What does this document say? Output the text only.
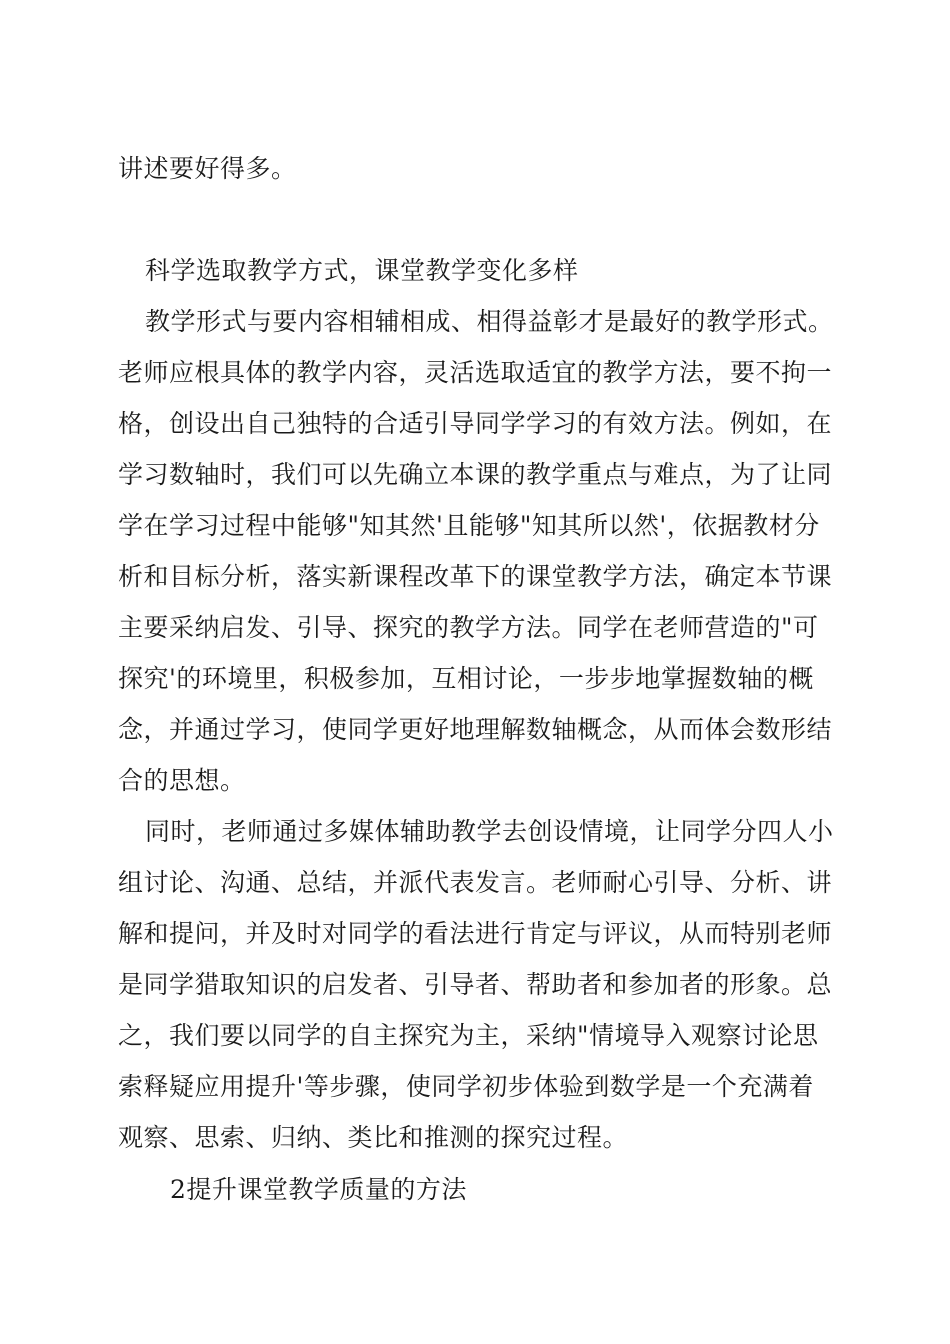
讲述要好得多。
科学选取教学方式，课堂教学变化多样
教学形式与要内容相辅相成、相得益彰才是最好的教学形式。
老师应根具体的教学内容，灵活选取适宜的教学方法，要不拘一
格，创设出自己独特的合适引导同学学习的有效方法。例如，在
学习数轴时，我们可以先确立本课的教学重点与难点，为了让同
学在学习过程中能够"知其然'且能够"知其所以然'，依据教材分
析和目标分析，落实新课程改革下的课堂教学方法，确定本节课
主要采纳启发、引导、探究的教学方法。同学在老师营造的"可
探究'的环境里，积极参加，互相讨论，一步步地掌握数轴的概
念，并通过学习，使同学更好地理解数轴概念，从而体会数形结
合的思想。
同时，老师通过多媒体辅助教学去创设情境，让同学分四人小
组讨论、沟通、总结，并派代表发言。老师耐心引导、分析、讲
解和提问，并及时对同学的看法进行肯定与评议，从而特别老师
是同学猎取知识的启发者、引导者、帮助者和参加者的形象。总
之，我们要以同学的自主探究为主，采纳"情境导入观察讨论思
索释疑应用提升'等步骤，使同学初步体验到数学是一个充满着
观察、思索、归纳、类比和推测的探究过程。
2提升课堂教学质量的方法
